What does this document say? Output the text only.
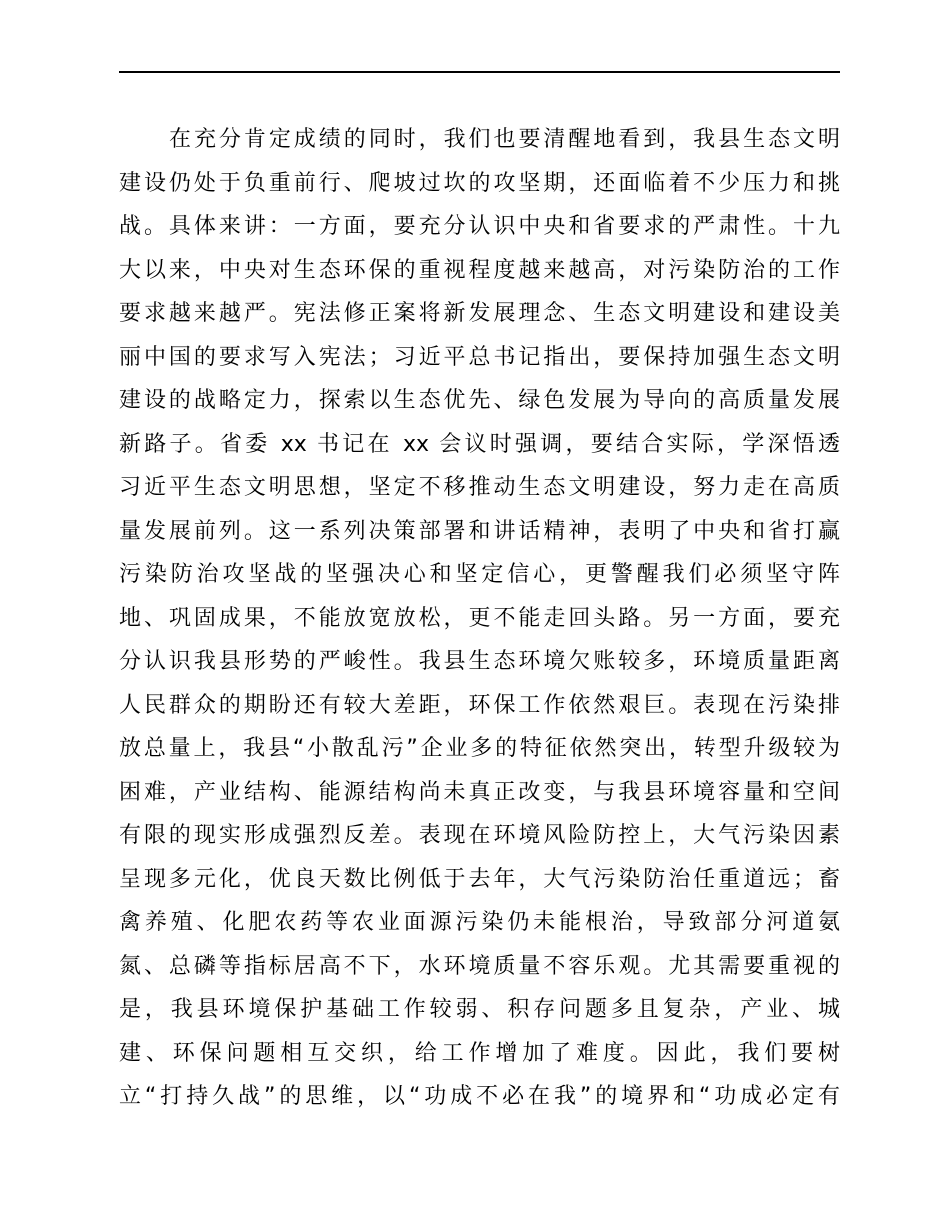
在充分肯定成绩的同时，我们也要清醒地看到，我县生态文明
建设仍处于负重前行、爬坡过坎的攻坚期，还面临着不少压力和挑
战。具体来讲：一方面，要充分认识中央和省要求的严肃性。十九
大以来，中央对生态环保的重视程度越来越高，对污染防治的工作
要求越来越严。宪法修正案将新发展理念、生态文明建设和建设美
丽中国的要求写入宪法；习近平总书记指出，要保持加强生态文明
建设的战略定力，探索以生态优先、绿色发展为导向的高质量发展
新路子。省委 xx 书记在 xx 会议时强调，要结合实际，学深悟透
习近平生态文明思想，坚定不移推动生态文明建设，努力走在高质
量发展前列。这一系列决策部署和讲话精神，表明了中央和省打赢
污染防治攻坚战的坚强决心和坚定信心，更警醒我们必须坚守阵
地、巩固成果，不能放宽放松，更不能走回头路。另一方面，要充
分认识我县形势的严峻性。我县生态环境欠账较多，环境质量距离
人民群众的期盼还有较大差距，环保工作依然艰巨。表现在污染排
放总量上，我县“小散乱污”企业多的特征依然突出，转型升级较为
困难，产业结构、能源结构尚未真正改变，与我县环境容量和空间
有限的现实形成强烈反差。表现在环境风险防控上，大气污染因素
呈现多元化，优良天数比例低于去年，大气污染防治任重道远；畜
禽养殖、化肥农药等农业面源污染仍未能根治，导致部分河道氨
氮、总磷等指标居高不下，水环境质量不容乐观。尤其需要重视的
是，我县环境保护基础工作较弱、积存问题多且复杂，产业、城
建、环保问题相互交织，给工作增加了难度。因此，我们要树
立“打持久战”的思维，以“功成不必在我”的境界和“功成必定有
